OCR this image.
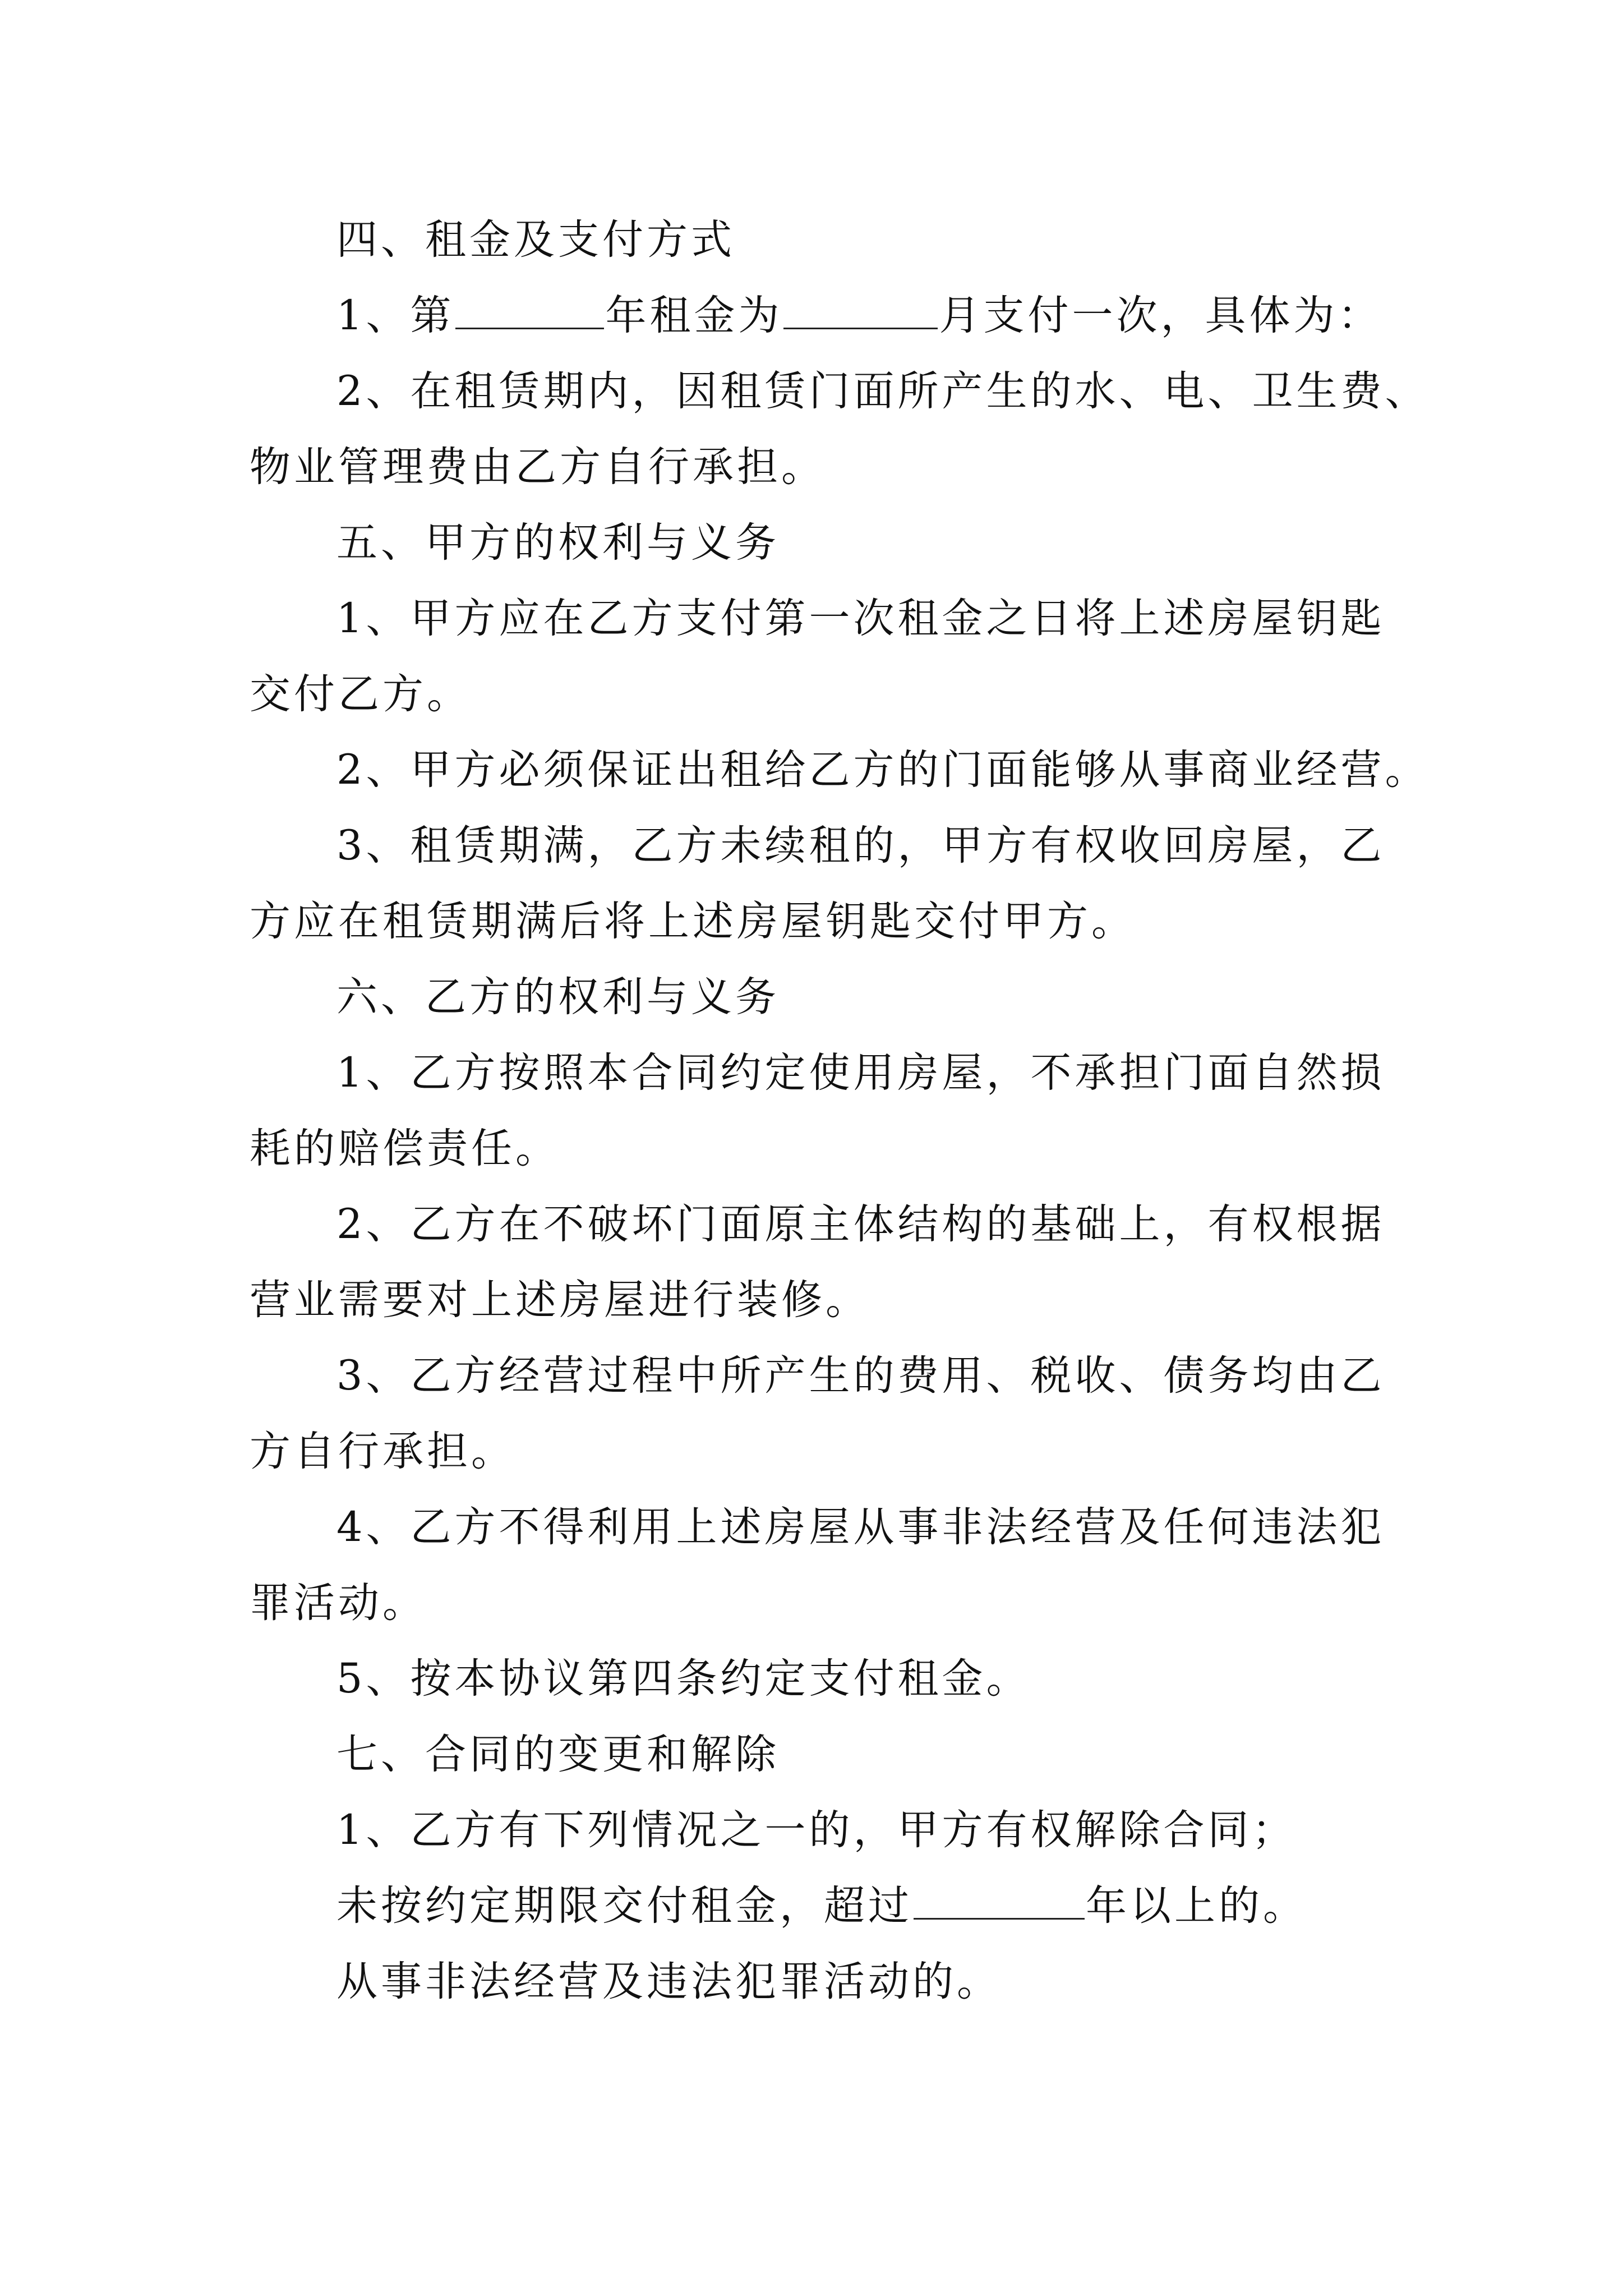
四、租金及支付方式
1、第	年租金为	月支付一次，具体为：
2、在租赁期内，因租赁门面所产生的水、电、卫生费、
物业管理费由乙方自行承担。
五、甲方的权利与义务
1、甲方应在乙方支付第一次租金之日将上述房屋钥匙
交付乙方。
2、甲方必须保证出租给乙方的门面能够从事商业经营。
3、租赁期满，乙方未续租的，甲方有权收回房屋，乙
方应在租赁期满后将上述房屋钥匙交付甲方。
六、乙方的权利与义务
1、乙方按照本合同约定使用房屋，不承担门面自然损
耗的赔偿责任。
2、乙方在不破坏门面原主体结构的基础上，有权根据
营业需要对上述房屋进行装修。
3、乙方经营过程中所产生的费用、税收、债务均由乙
方自行承担。
4、乙方不得利用上述房屋从事非法经营及任何违法犯
罪活动。
5、按本协议第四条约定支付租金。
七、合同的变更和解除
1、乙方有下列情况之一的，甲方有权解除合同；
未按约定期限交付租金，超过	年以上的。
从事非法经营及违法犯罪活动的。
